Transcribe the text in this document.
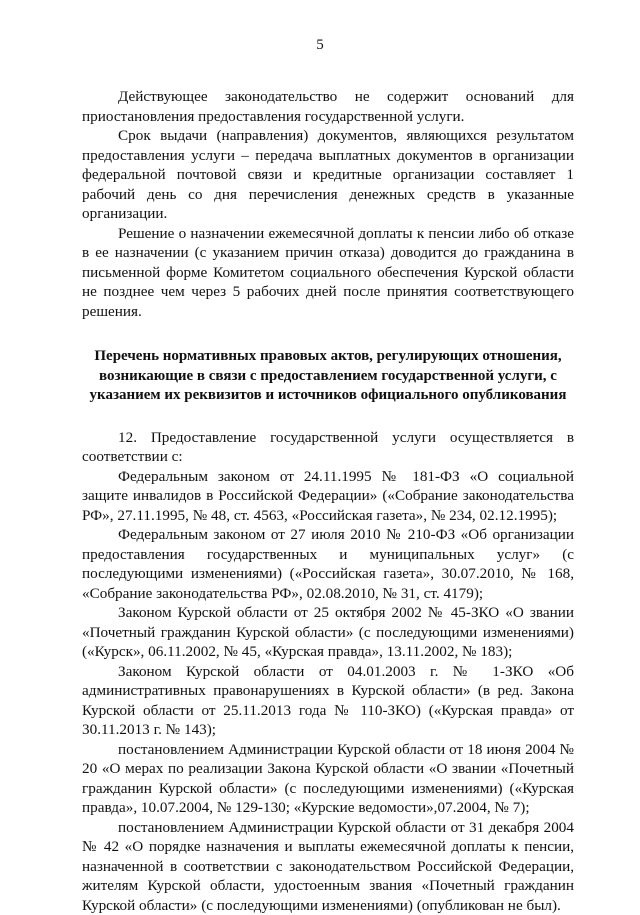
5

Действующее законодательство не содержит оснований для приостановления предоставления государственной услуги.

Срок выдачи (направления) документов, являющихся результатом предоставления услуги – передача выплатных документов в организации федеральной почтовой связи и кредитные организации составляет 1 рабочий день со дня перечисления денежных средств в указанные организации.

Решение о назначении ежемесячной доплаты к пенсии либо об отказе в ее назначении (с указанием причин отказа) доводится до гражданина в письменной форме Комитетом социального обеспечения Курской области не позднее чем через 5 рабочих дней после принятия соответствующего решения.

Перечень нормативных правовых актов, регулирующих отношения, возникающие в связи с предоставлением государственной услуги, с указанием их реквизитов и источников официального опубликования

12. Предоставление государственной услуги осуществляется в соответствии с:

Федеральным законом от 24.11.1995 № 181-ФЗ «О социальной защите инвалидов в Российской Федерации» («Собрание законодательства РФ», 27.11.1995, № 48, ст. 4563, «Российская газета», № 234, 02.12.1995);

Федеральным законом от 27 июля 2010 № 210-ФЗ «Об организации предоставления государственных и муниципальных услуг» (с последующими изменениями) («Российская газета», 30.07.2010, № 168, «Собрание законодательства РФ», 02.08.2010, № 31, ст. 4179);

Законом Курской области от 25 октября 2002 № 45-ЗКО «О звании «Почетный гражданин Курской области» (с последующими изменениями) («Курск», 06.11.2002, № 45, «Курская правда», 13.11.2002, № 183);

Законом Курской области от 04.01.2003 г. № 1-ЗКО «Об административных правонарушениях в Курской области» (в ред. Закона Курской области от 25.11.2013 года № 110-ЗКО) («Курская правда» от 30.11.2013 г. № 143);

постановлением Администрации Курской области от 18 июня 2004 № 20 «О мерах по реализации Закона Курской области «О звании «Почетный гражданин Курской области» (с последующими изменениями) («Курская правда», 10.07.2004, № 129-130; «Курские ведомости»,07.2004, № 7);

постановлением Администрации Курской области от 31 декабря 2004 № 42 «О порядке назначения и выплаты ежемесячной доплаты к пенсии, назначенной в соответствии с законодательством Российской Федерации, жителям Курской области, удостоенным звания «Почетный гражданин Курской области» (с последующими изменениями) (опубликован не был).
